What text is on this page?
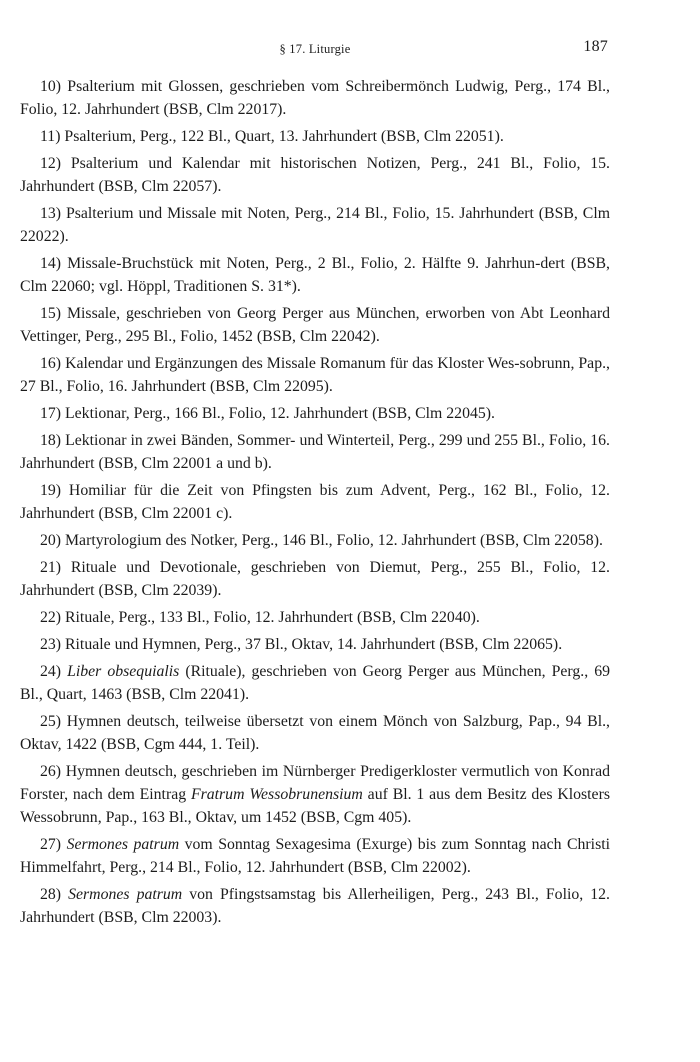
§ 17. Liturgie	187

10) Psalterium mit Glossen, geschrieben vom Schreibermönch Ludwig, Perg., 174 Bl., Folio, 12. Jahrhundert (BSB, Clm 22017).

11) Psalterium, Perg., 122 Bl., Quart, 13. Jahrhundert (BSB, Clm 22051).

12) Psalterium und Kalendar mit historischen Notizen, Perg., 241 Bl., Folio, 15. Jahrhundert (BSB, Clm 22057).

13) Psalterium und Missale mit Noten, Perg., 214 Bl., Folio, 15. Jahrhundert (BSB, Clm 22022).

14) Missale-Bruchstück mit Noten, Perg., 2 Bl., Folio, 2. Hälfte 9. Jahrhun-dert (BSB, Clm 22060; vgl. Höppl, Traditionen S. 31*).

15) Missale, geschrieben von Georg Perger aus München, erworben von Abt Leonhard Vettinger, Perg., 295 Bl., Folio, 1452 (BSB, Clm 22042).

16) Kalendar und Ergänzungen des Missale Romanum für das Kloster Wes-sobrunn, Pap., 27 Bl., Folio, 16. Jahrhundert (BSB, Clm 22095).

17) Lektionar, Perg., 166 Bl., Folio, 12. Jahrhundert (BSB, Clm 22045).

18) Lektionar in zwei Bänden, Sommer- und Winterteil, Perg., 299 und 255 Bl., Folio, 16. Jahrhundert (BSB, Clm 22001 a und b).

19) Homiliar für die Zeit von Pfingsten bis zum Advent, Perg., 162 Bl., Folio, 12. Jahrhundert (BSB, Clm 22001 c).

20) Martyrologium des Notker, Perg., 146 Bl., Folio, 12. Jahrhundert (BSB, Clm 22058).

21) Rituale und Devotionale, geschrieben von Diemut, Perg., 255 Bl., Folio, 12. Jahrhundert (BSB, Clm 22039).

22) Rituale, Perg., 133 Bl., Folio, 12. Jahrhundert (BSB, Clm 22040).

23) Rituale und Hymnen, Perg., 37 Bl., Oktav, 14. Jahrhundert (BSB, Clm 22065).

24) Liber obsequialis (Rituale), geschrieben von Georg Perger aus München, Perg., 69 Bl., Quart, 1463 (BSB, Clm 22041).

25) Hymnen deutsch, teilweise übersetzt von einem Mönch von Salzburg, Pap., 94 Bl., Oktav, 1422 (BSB, Cgm 444, 1. Teil).

26) Hymnen deutsch, geschrieben im Nürnberger Predigerkloster vermutlich von Konrad Forster, nach dem Eintrag Fratrum Wessobrunensium auf Bl. 1 aus dem Besitz des Klosters Wessobrunn, Pap., 163 Bl., Oktav, um 1452 (BSB, Cgm 405).

27) Sermones patrum vom Sonntag Sexagesima (Exurge) bis zum Sonntag nach Christi Himmelfahrt, Perg., 214 Bl., Folio, 12. Jahrhundert (BSB, Clm 22002).

28) Sermones patrum von Pfingstsamstag bis Allerheiligen, Perg., 243 Bl., Folio, 12. Jahrhundert (BSB, Clm 22003).
